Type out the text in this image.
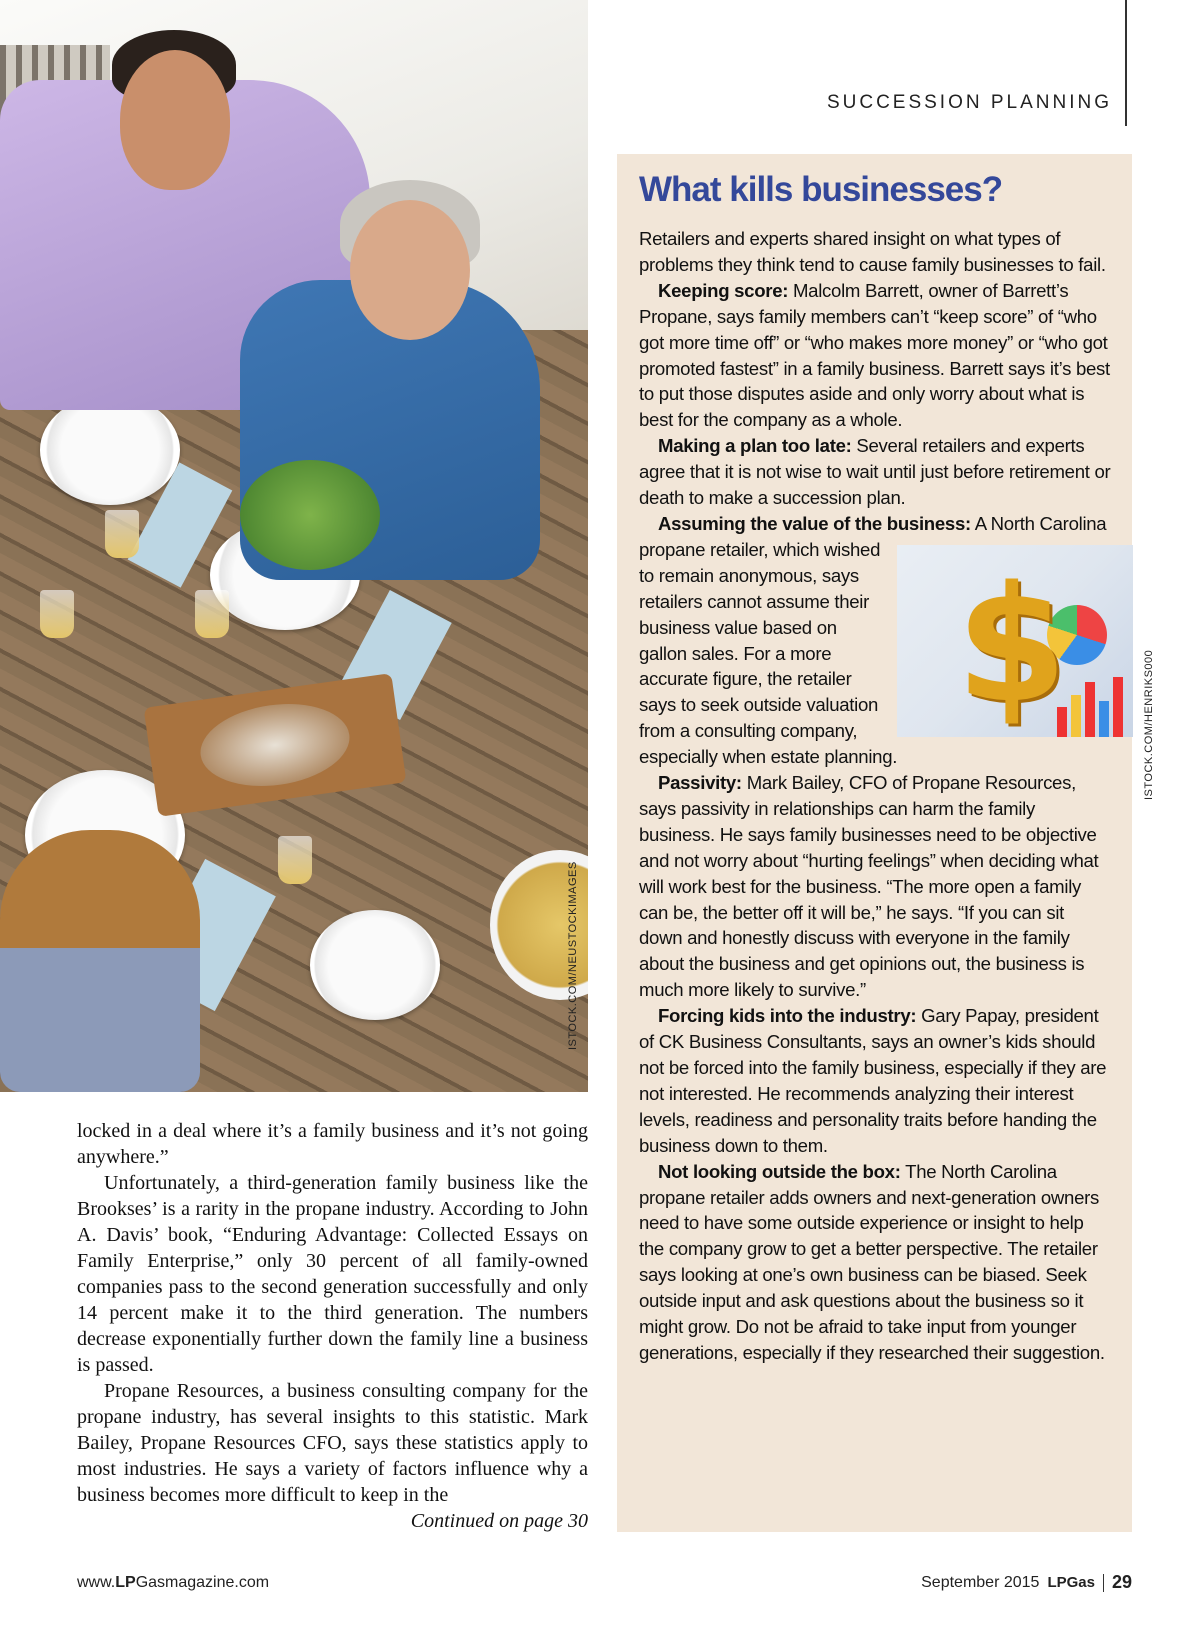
SUCCESSION PLANNING
ISTOCK.COM/NEUSTOCKIMAGES

locked in a deal where it’s a family business and it’s not going anywhere.”

Unfortunately, a third-generation family business like the Brookses’ is a rarity in the propane industry. According to John A. Davis’ book, “Enduring Advantage: Collected Essays on Family Enterprise,” only 30 percent of all family-owned companies pass to the second generation successfully and only 14 percent make it to the third generation. The numbers decrease exponentially further down the family line a business is passed.

Propane Resources, a business consulting company for the propane industry, has several insights to this statistic. Mark Bailey, Propane Resources CFO, says these statistics apply to most industries. He says a variety of factors influence why a business becomes more difficult to keep in the

Continued on page 30
What kills businesses?

Retailers and experts shared insight on what types of problems they think tend to cause family businesses to fail.

Keeping score: Malcolm Barrett, owner of Barrett’s Propane, says family members can’t “keep score” of “who got more time off” or “who makes more money” or “who got promoted fastest” in a family business. Barrett says it’s best to put those disputes aside and only worry about what is best for the company as a whole.

Making a plan too late: Several retailers and experts agree that it is not wise to wait until just before retirement or death to make a succession plan.

Assuming the value of the business:
$
A North Carolina propane retailer, which wished to remain anonymous, says retailers cannot assume their business value based on gallon sales. For a more accurate figure, the retailer says to seek outside valuation from a consulting company, especially when estate planning.

Passivity: Mark Bailey, CFO of Propane Resources, says passivity in relationships can harm the family business. He says family businesses need to be objective and not worry about “hurting feelings” when deciding what will work best for the business. “The more open a family can be, the better off it will be,” he says. “If you can sit down and honestly discuss with everyone in the family about the business and get opinions out, the business is much more likely to survive.”

Forcing kids into the industry: Gary Papay, president of CK Business Consultants, says an owner’s kids should not be forced into the family business, especially if they are not interested. He recommends analyzing their interest levels, readiness and personality traits before handing the business down to them.

Not looking outside the box: The North Carolina propane retailer adds owners and next-generation owners need to have some outside experience or insight to help the company grow to get a better perspective. The retailer says looking at one’s own business can be biased. Seek outside input and ask questions about the business so it might grow. Do not be afraid to take input from younger generations, especially if they researched their suggestion.

ISTOCK.COM/HENRIKS000
www.LPGasmagazine.com	September 2015 LPGas 29
